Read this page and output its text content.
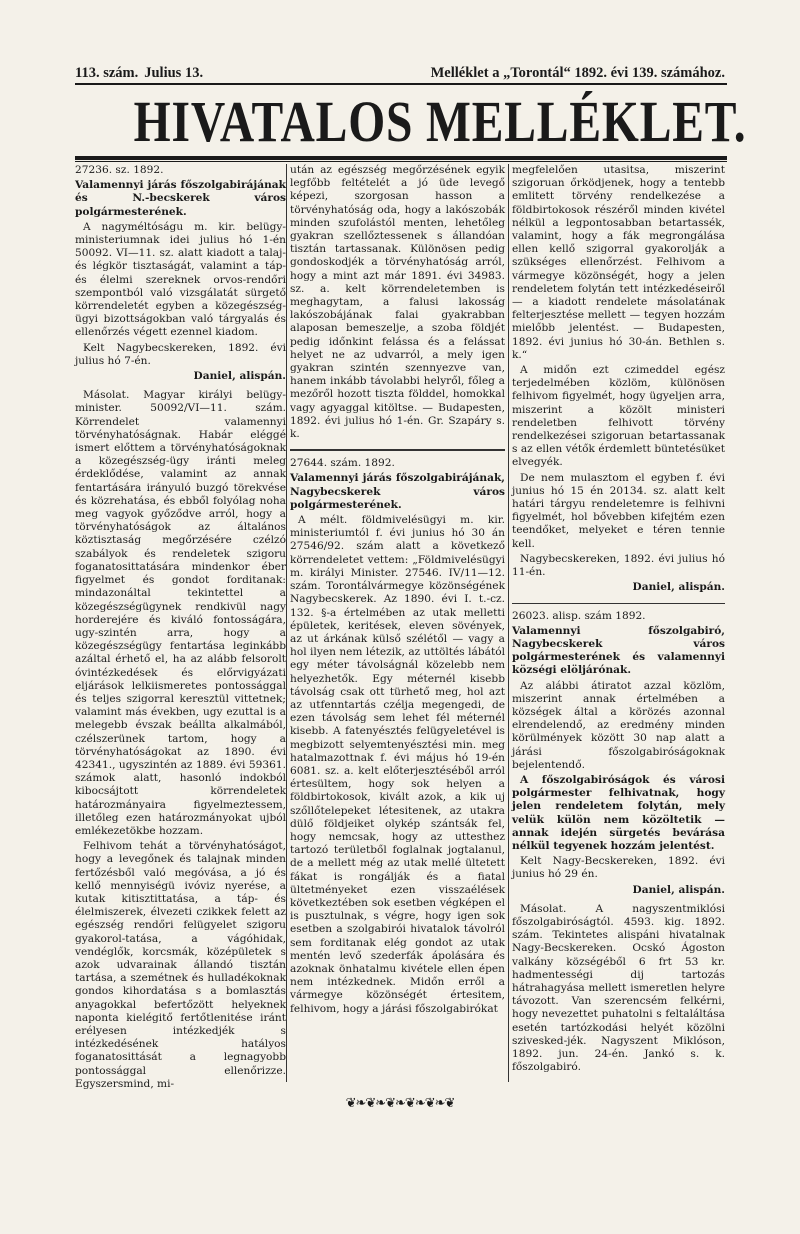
113. szám. Julius 13.	Melléklet a „Torontál“ 1892. évi 139. számához.
HIVATALOS MELLÉKLET.

27236. sz. 1892.

Valamennyi járás főszolgabirájának és N.-becskerek város polgármesterének.

A nagyméltóságu m. kir. belügy-ministeriumnak idei julius hó 1-én 50092. VI—11. sz. alatt kiadott a talaj- és légkör tisztaságát, valamint a táp- és élelmi szereknek orvos-rendőri szempontból való vizsgálatát sürgető körrendeletét egyben a közegészség-ügyi bizottságokban való tárgyalás és ellenőrzés végett ezennel kiadom.

Kelt Nagybecskereken, 1892. évi julius hó 7-én.

Daniel, alispán.

Másolat. Magyar királyi belügy-minister. 50092/VI—11. szám. Körrendelet valamennyi törvényhatóságnak. Habár eléggé ismert előttem a törvényhatóságoknak a közegészség-ügy iránti meleg érdeklődése, valamint az annak fentartására irányuló buzgó törekvése és közrehatása, és ebből folyólag noha meg vagyok győződve arról, hogy a törvényhatóságok az általános köztisztaság megőrzésére czélzó szabályok és rendeletek szigoru foganatosittatására mindenkor éber figyelmet és gondot forditanak: mindazonáltal tekintettel a közegészségügynek rendkivül nagy horderejére és kiváló fontosságára, ugy-szintén arra, hogy a közegészségügy fentartása leginkább azáltal érhető el, ha az alább felsorolt óvintézkedések és előrvigyázati eljárások lelkiismeretes pontossággal és teljes szigorral keresztül vittetnek; valamint más években, ugy ezuttal is a melegebb évszak beálltа alkalmából, czélszerünek tartom, hogy a törvényhatóságokat az 1890. évi 42341., ugyszintén az 1889. évi 59361. számok alatt, hasonló indokból kibocsájtott körrendeletek határozmányaira figyelmeztessem, illetőleg ezen határozmányokat ujból emlékezetökbe hozzam.

Felhivom tehát a törvényhatóságot, hogy a levegőnek és talajnak minden fertőzésből való megóvása, a jó és kellő mennyiségü ivóviz nyerése, a kutak kitisztittatása, a táp- és élelmiszerek, élvezeti czikkek felett az egészség rendőri felügyelet szigoru gyakorol-tatása, a vágóhidak, vendéglők, korcsmák, középületek s azok udvarainak állandó tisztán tartása, a szemétnek és hulladékoknak gondos kihordatása s a bomlasztás anyagokkal befertőzött helyeknek naponta kielégitő fertőtlenitése iránt erélyesen intézkedjék s intézkedésének hatályos foganatosittását a legnagyobb pontossággal ellenőrizze. Egyszersmind, mi-

után az egészség megőrzésének egyik legfőbb feltételét a jó üde levegő képezi, szorgosan hasson a törvényhatóság oda, hogy a lakószobák minden szufolástól menten, lehetőleg gyakran szellőztessenek s állandóan tisztán tartassanak. Különösen pedig gondoskodjék a törvényhatóság arról, hogy a mint azt már 1891. évi 34983. sz. a. kelt körrendeletemben is meghagytam, a falusi lakosság lakószobájának falai gyakrabban alaposan bemeszelje, a szoba földjét pedig időnkint felássa és a felássat helyet ne az udvarról, a mely igen gyakran szintén szennyezve van, hanem inkább távolabbi helyről, főleg a mezőről hozott tiszta földdel, homokkal vagy agyaggal kitöltse. — Budapesten, 1892. évi julius hó 1-én. Gr. Szapáry s. k.

27644. szám. 1892.

Valamennyi járás főszolgabirájának, Nagybecskerek város polgármesterének.

A mélt. földmivelésügyi m. kir. ministeriumtól f. évi junius hó 30 án 27546/92. szám alatt a következő körrendeletet vettem: „Földmivelésügyi m. királyi Minister. 27546. IV/11—12. szám. Torontálvármegye közönségének Nagybecskerek. Az 1890. évi I. t.-cz. 132. §-a értelmében az utak melletti épületek, keritések, eleven sövények, az ut árkának külső szélétől — vagy a hol ilyen nem létezik, az uttöltés lábától egy méter távolságnál közelebb nem helyezhetők. Egy méternél kisebb távolság csak ott türhető meg, hol azt az utfenntartás czélja megengedi, de ezen távolság sem lehet fél méternél kisebb. A fatenyésztés felügyeletével is megbizott selyemtenyésztési min. meg hatalmazottnak f. évi május hó 19-én 6081. sz. a. kelt előterjesztéséből arról értesültem, hogy sok helyen a földbirtokosok, kivált azok, a kik uj szőllőtelepeket létesitenek, az utakra dülő földjeiket olykép szántsák fel, hogy nemcsak, hogy az uttesthez tartozó területből foglalnak jogtalanul, de a mellett még az utak mellé ültetett fákat is rongálják és a fiatal ültetményeket ezen visszaélések következtében sok esetben végképen el is pusztulnak, s végre, hogy igen sok esetben a szolgabirói hivatalok távolról sem forditanak elég gondot az utak mentén levő szederfák ápolására és azoknak önhatalmu kivétele ellen épen nem intézkednek. Midőn erről a vármegye közönségét értesitem, felhivom, hogy a járási főszolgabirókat

megfelelően utasitsa, miszerint szigoruan őrködjenek, hogy a tentebb emlitett törvény rendelkezése a földbirtokosok részéről minden kivétel nélkül a legpontosabban betartassék, valamint, hogy a fák megrongálása ellen kellő szigorral gyakorolják a szükséges ellenőrzést. Felhivom a vármegye közönségét, hogy a jelen rendeletem folytán tett intézkedéseiről — a kiadott rendelete másolatának felterjesztése mellett — tegyen hozzám mielőbb jelentést. — Budapesten, 1892. évi junius hó 30-án. Bethlen s. k.“

A midőn ezt czimeddel egész terjedelmében közlöm, különösen felhivom figyelmét, hogy ügyeljen arra, miszerint a közölt ministeri rendeletben felhivott törvény rendelkezései szigoruan betartassanak s az ellen vétők érdemlett büntetésüket elvegyék.

De nem mulasztom el egyben f. évi junius hó 15 én 20134. sz. alatt kelt határi tárgyu rendeletemre is felhivni figyelmét, hol bővebben kifejtém ezen teendőket, melyeket e téren tennie kell.

Nagybecskereken, 1892. évi julius hó 11-én.

Daniel, alispán.

26023. alisp. szám 1892.

Valamennyi főszolgabiró, Nagybecskerek város polgármesterének és valamennyi községi elöljárónak.

Az alábbi átiratot azzal közlöm, miszerint annak értelmében a községek által a körözés azonnal elrendelendő, az eredmény minden körülmények között 30 nap alatt a járási főszolgabiróságoknak bejelentendő.

A főszolgabiróságok és városi polgármester felhivatnak, hogy jelen rendeletem folytán, mely velük külön nem közöltetik — annak idején sürgetés bevárása nélkül tegyenek hozzám jelentést.

Kelt Nagy-Becskereken, 1892. évi junius hó 29 én.

Daniel, alispán.

Másolat. A nagyszentmiklósi főszolgabiróságtól. 4593. kig. 1892. szám. Tekintetes alispáni hivatalnak Nagy-Becskereken. Ocskó Ágoston valkány községéből 6 frt 53 kr. hadmentességi dij tartozás hátrahagyása mellett ismeretlen helyre távozott. Van szerencsém felkérni, hogy nevezettet puhatolni s feltaláltása esetén tartózkodási helyét közölni szivesked-jék. Nagyszent Miklóson, 1892. jun. 24-én. Jankó s. k. főszolgabiró.

❦❧❦❧❦❧❦❧❦❧❦
